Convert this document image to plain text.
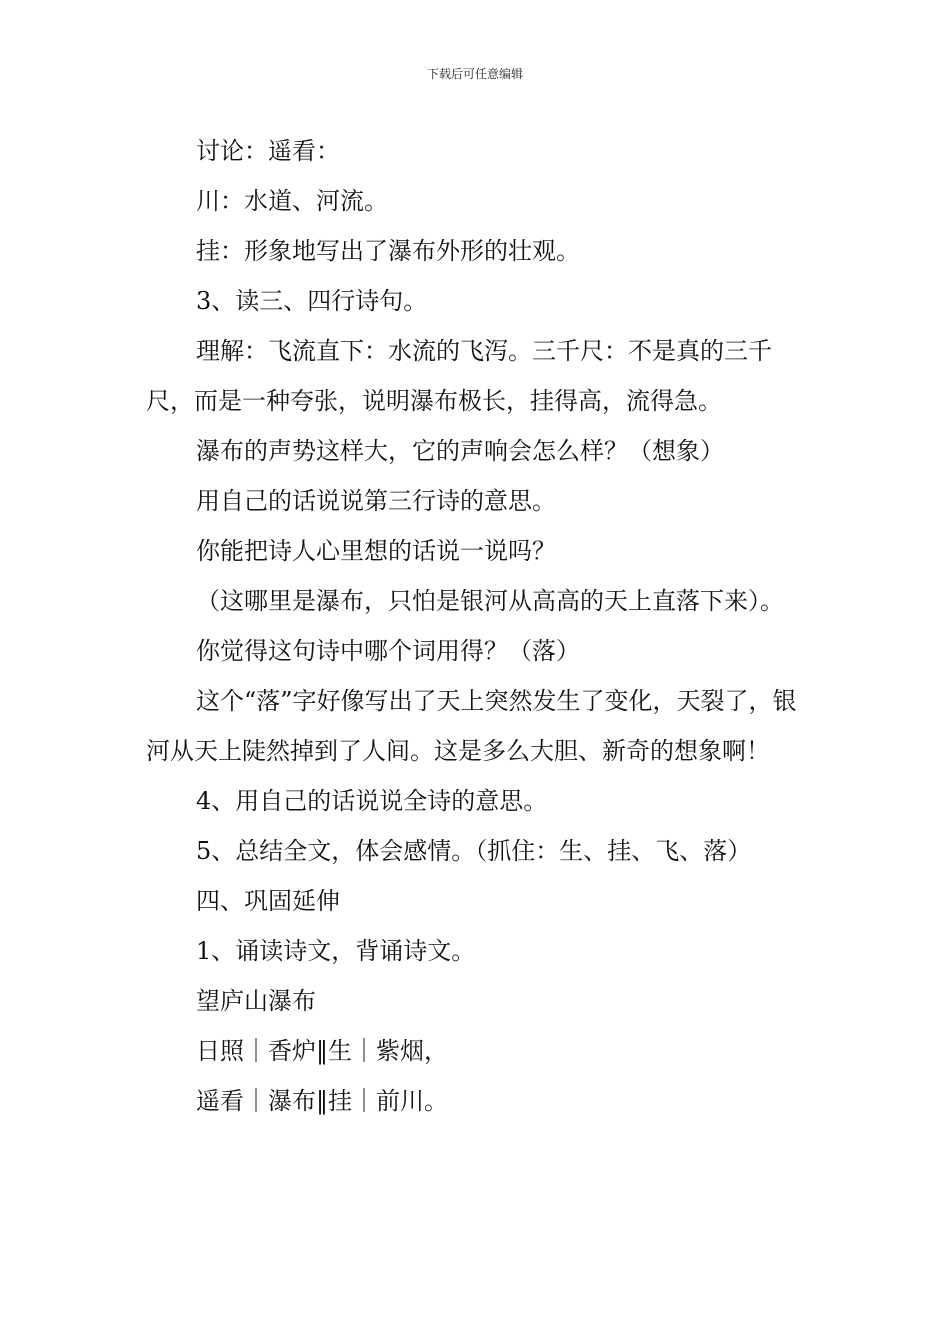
下载后可任意编辑

讨论：遥看：

川：水道、河流。

挂：形象地写出了瀑布外形的壮观。

3、读三、四行诗句。

理解：飞流直下：水流的飞泻。三千尺：不是真的三千尺，而是一种夸张，说明瀑布极长，挂得高，流得急。

瀑布的声势这样大，它的声响会怎么样？（想象）

用自己的话说说第三行诗的意思。

你能把诗人心里想的话说一说吗？

（这哪里是瀑布，只怕是银河从高高的天上直落下来）。

你觉得这句诗中哪个词用得？（落）

这个“落”字好像写出了天上突然发生了变化，天裂了，银河从天上陡然掉到了人间。这是多么大胆、新奇的想象啊！

4、用自己的话说说全诗的意思。

5、总结全文，体会感情。（抓住：生、挂、飞、落）

四、巩固延伸

1、诵读诗文，背诵诗文。

望庐山瀑布

日照｜香炉‖生｜紫烟，

遥看｜瀑布‖挂｜前川。
